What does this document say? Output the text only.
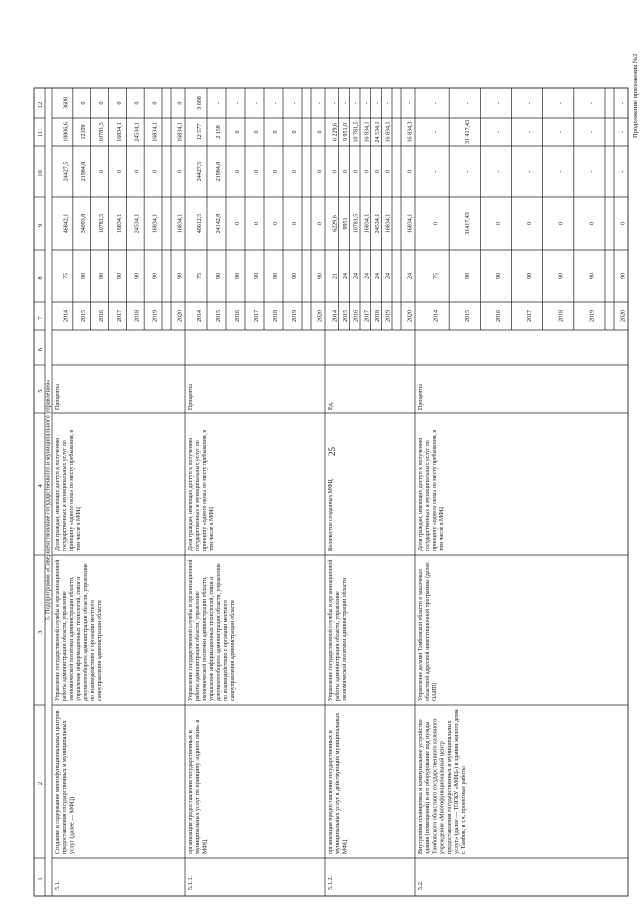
25
Продолжение приложения №2
1
2
3
4
5
6
7
8
9
10
11
12
5. Подпрограмма «Совершенствование государственного и муниципального управления»
2014
75
46842,1
24427,5
18806,6
3608
2015
90
34093,8
21984,8
12109
0
2016
90
10781,5
0
10781,5
0
2017
90
16834,1
0
16834,1
0
2018
90
24534,1
0
24534,1
0
2019
90
16834,1
0
16834,1
0
2020
90
16834,1
0
16834,1
0
5.1.
Создание и содержание многофункциональных центров предоставления государственных и муниципальных услуг (далее — МФЦ)
Управление государственной службы и организационной работы администрации области, управление экономической политики администрации области, управление информационных технологий, связи и документооборота администрации области, управление по взаимодействию с органами местного самоуправления администрации области
Доля граждан, имеющих доступ к получению государственных и муниципальных услуг по принципу «одного окна» по месту пребывания, в том числе в МФЦ
Проценты
2014
75
40612,5
24427,5
12 577
3 608
2015
90
24142,8
21984,8
2 158
-
2016
90
0
0
0
-
2017
90
0
0
0
-
2018
90
0
0
0
-
2019
90
0
0
0
-
2020
90
0
0
0
-
5.1.1.
организация предоставления государственных и муниципальных услуг по принципу «одного окна» в МФЦ
Управление государственной службы и организационной работы администрации области, управление экономической политики администрации области, управление информационных технологий, связи и документооборота администрации области, управление по взаимодействию с органами местного самоуправления администрации области
Доля граждан, имеющих доступ к получению государственных и муниципальных услуг по принципу «одного окна» по месту пребывания, в том числе в МФЦ
Проценты
2014
21
6229,6
0
6 229,6
-
2015
24
9951
0
9 951,0
-
2016
24
10781,5
0
10 781,5
-
2017
24
16834,1
0
16 834,1
-
2018
24
24534,1
0
24 534,1
-
2019
24
16834,1
0
16 834,1
-
2020
24
16834,1
0
16 834,3
-
5.1.2.
организация предоставления государственных и муниципальных услуг в действующих муниципальных МФЦ
Управление государственной службы и организационной работы администрации области, управление экономической политики администрации области
Количество созданных МФЦ
Ед.
2014
75
0
-
-
-
2015
90
31417,43
-
31 417,43
-
2016
90
0
-
-
-
2017
90
0
-
-
-
2018
90
0
-
-
-
2019
90
0
-
-
-
2020
90
0
-
-
-
5.2.
Внутренняя планировка и коммунальное устройство здания (помещений) и его оборудование под нужды Тамбовского областного государственного казенного учреждения «Многофункциональный центр предоставления государственных и муниципальных услуг» (далее — ТОГКУ «МФЦ») в здании жилого дома г. Тамбов, в т.ч. проектные работы
Управление делами Тамбовской области в заказчиках областной адресной инвестиционной программы (далее ОАИП)
Доля граждан, имеющих доступ к получению государственных и муниципальных услуг по принципу «одного окна» по месту пребывания, в том числе в МФЦ
Проценты
